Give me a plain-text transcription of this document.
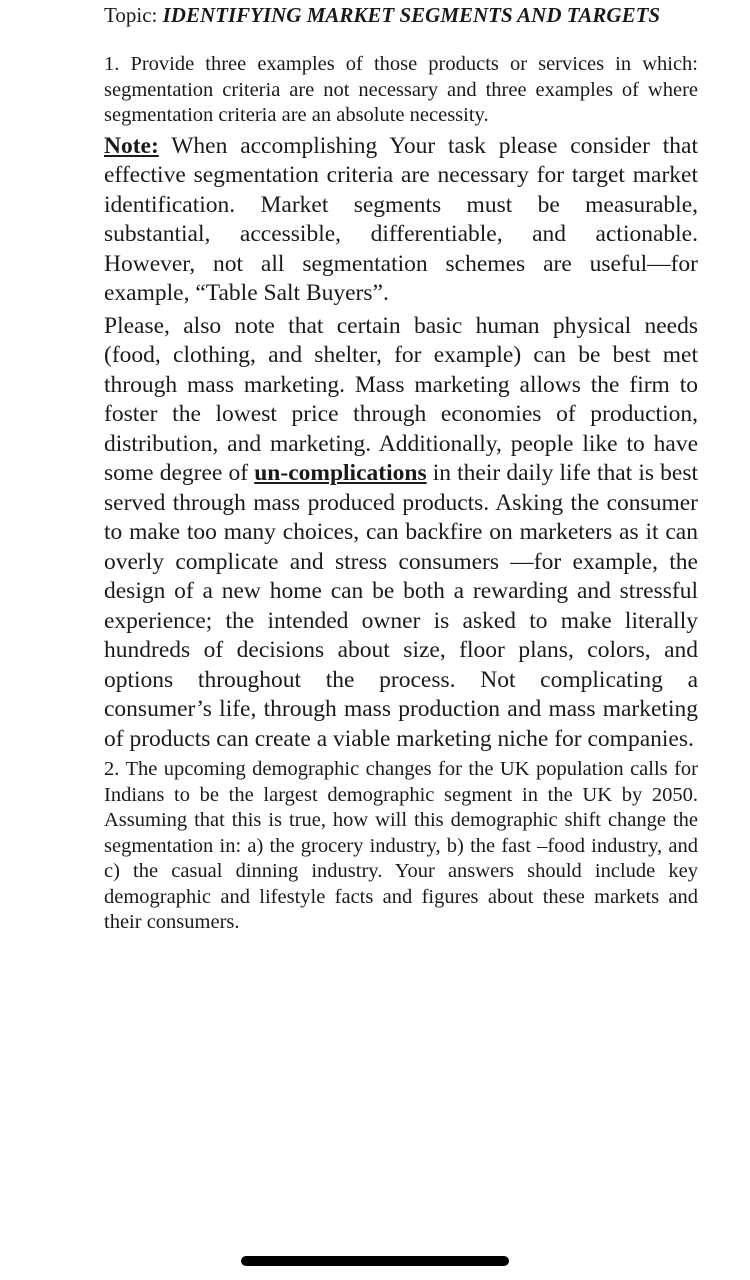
Topic: IDENTIFYING MARKET SEGMENTS AND TARGETS
1. Provide three examples of those products or services in which: segmentation criteria are not necessary and three examples of where segmentation criteria are an absolute necessity.
Note: When accomplishing Your task please consider that effective segmentation criteria are necessary for target market identification. Market segments must be measurable, substantial, accessible, differentiable, and actionable. However, not all segmentation schemes are useful—for example, “Table Salt Buyers”.
Please, also note that certain basic human physical needs (food, clothing, and shelter, for example) can be best met through mass marketing. Mass marketing allows the firm to foster the lowest price through economies of production, distribution, and marketing. Additionally, people like to have some degree of un-complications in their daily life that is best served through mass produced products. Asking the consumer to make too many choices, can backfire on marketers as it can overly complicate and stress consumers —for example, the design of a new home can be both a rewarding and stressful experience; the intended owner is asked to make literally hundreds of decisions about size, floor plans, colors, and options throughout the process. Not complicating a consumer’s life, through mass production and mass marketing of products can create a viable marketing niche for companies.
2. The upcoming demographic changes for the UK population calls for Indians to be the largest demographic segment in the UK by 2050. Assuming that this is true, how will this demographic shift change the segmentation in: a) the grocery industry, b) the fast –food industry, and c) the casual dinning industry. Your answers should include key demographic and lifestyle facts and figures about these markets and their consumers.
